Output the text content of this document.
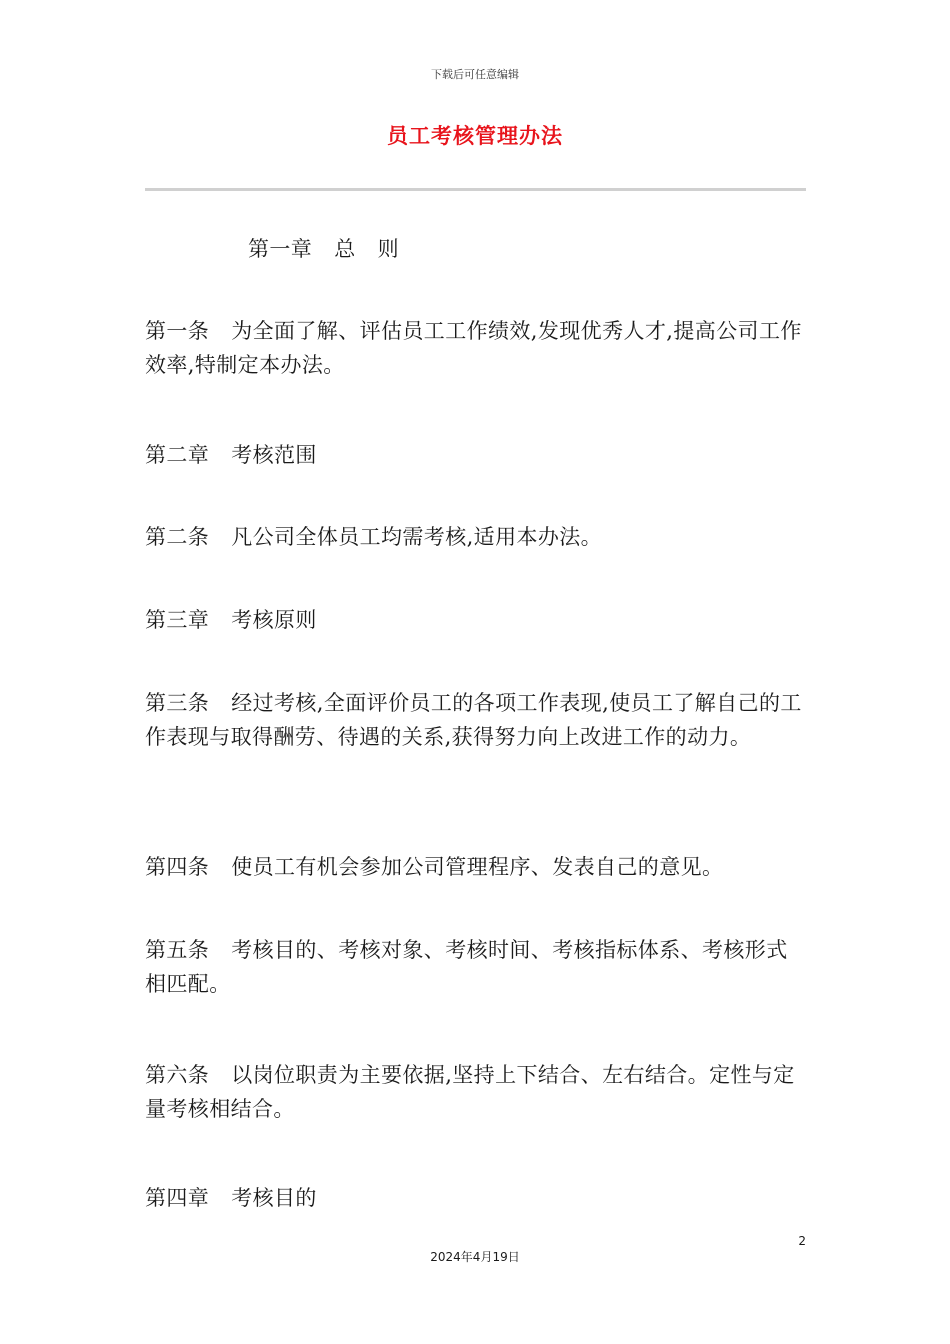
下载后可任意编辑
员工考核管理办法
第一章 总 则
第一条 为全面了解、评估员工工作绩效,发现优秀人才,提高公司工作效率,特制定本办法。
第二章 考核范围
第二条 凡公司全体员工均需考核,适用本办法。
第三章 考核原则
第三条 经过考核,全面评价员工的各项工作表现,使员工了解自己的工作表现与取得酬劳、待遇的关系,获得努力向上改进工作的动力。
第四条 使员工有机会参加公司管理程序、发表自己的意见。
第五条 考核目的、考核对象、考核时间、考核指标体系、考核形式相匹配。
第六条 以岗位职责为主要依据,坚持上下结合、左右结合。定性与定量考核相结合。
第四章 考核目的
2
2024年4月19日
